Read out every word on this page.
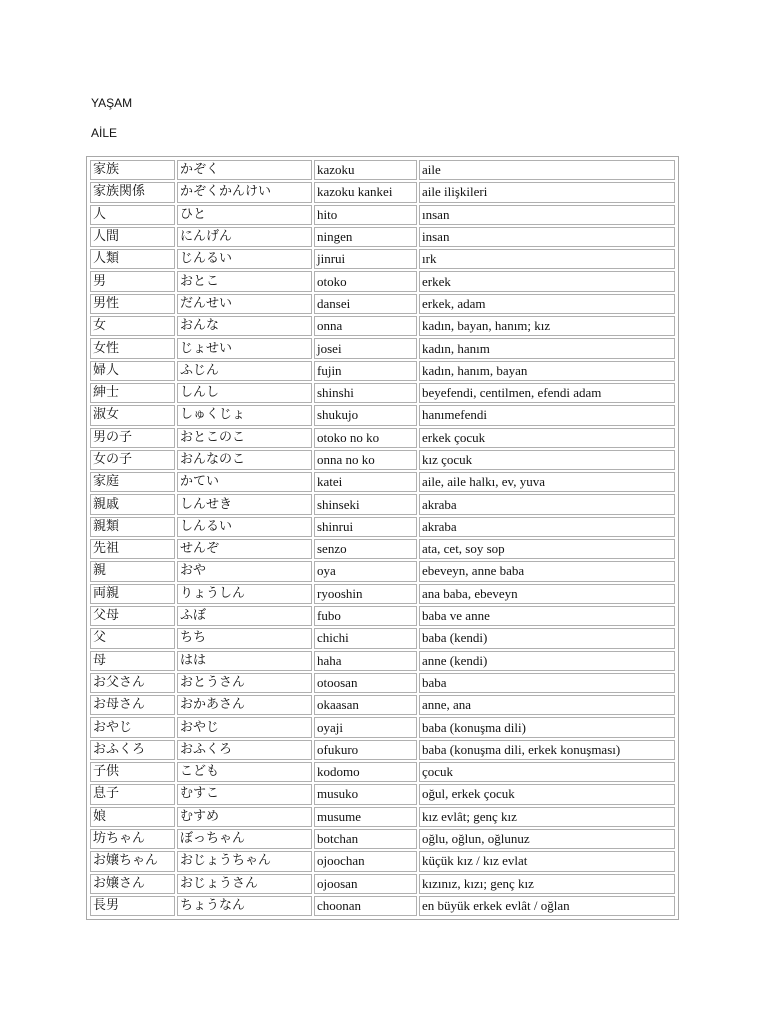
YAŞAM
AİLE
家族	かぞく	kazoku	aile
家族関係	かぞくかんけい	kazoku kankei	aile ilişkileri
人	ひと	hito	ınsan
人間	にんげん	ningen	insan
人類	じんるい	jinrui	ırk
男	おとこ	otoko	erkek
男性	だんせい	dansei	erkek, adam
女	おんな	onna	kadın, bayan, hanım; kız
女性	じょせい	josei	kadın, hanım
婦人	ふじん	fujin	kadın, hanım, bayan
紳士	しんし	shinshi	beyefendi, centilmen, efendi adam
淑女	しゅくじょ	shukujo	hanımefendi
男の子	おとこのこ	otoko no ko	erkek çocuk
女の子	おんなのこ	onna no ko	kız çocuk
家庭	かてい	katei	aile, aile halkı, ev, yuva
親戚	しんせき	shinseki	akraba
親類	しんるい	shinrui	akraba
先祖	せんぞ	senzo	ata, cet, soy sop
親	おや	oya	ebeveyn, anne baba
両親	りょうしん	ryooshin	ana baba, ebeveyn
父母	ふぼ	fubo	baba ve anne
父	ちち	chichi	baba (kendi)
母	はは	haha	anne (kendi)
お父さん	おとうさん	otoosan	baba
お母さん	おかあさん	okaasan	anne, ana
おやじ	おやじ	oyaji	baba (konuşma dili)
おふくろ	おふくろ	ofukuro	baba (konuşma dili, erkek konuşması)
子供	こども	kodomo	çocuk
息子	むすこ	musuko	oğul, erkek çocuk
娘	むすめ	musume	kız evlât; genç kız
坊ちゃん	ぼっちゃん	botchan	oğlu, oğlun, oğlunuz
お嬢ちゃん	おじょうちゃん	ojoochan	küçük kız / kız evlat
お嬢さん	おじょうさん	ojoosan	kızınız, kızı; genç kız
長男	ちょうなん	choonan	en büyük erkek evlât / oğlan
